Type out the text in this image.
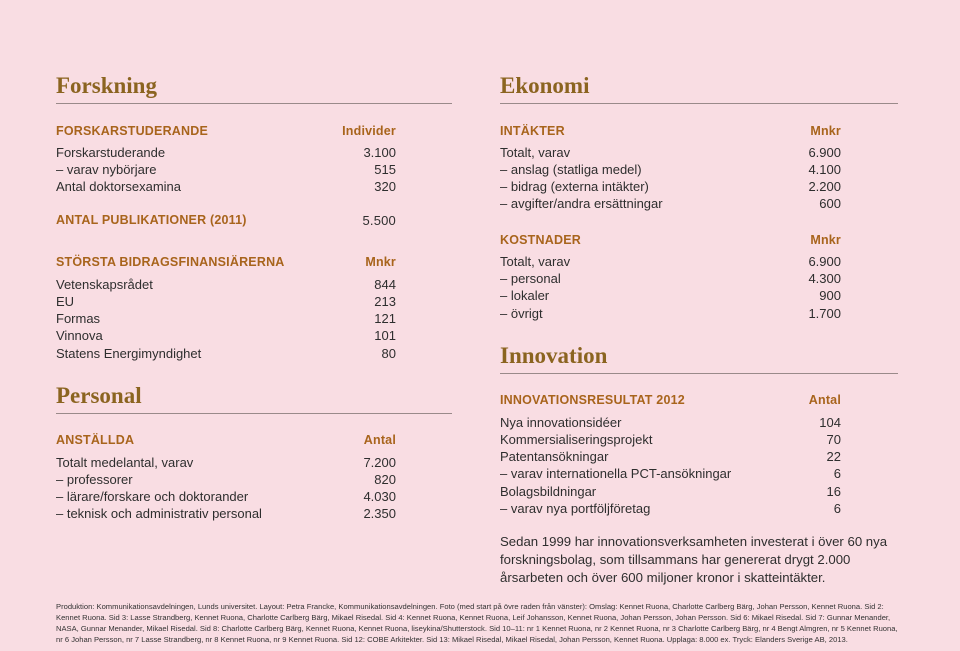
Forskning
FORSKARSTUDERANDE	Individer
Forskarstuderande	3.100
– varav nybörjare	515
Antal doktorsexamina	320
ANTAL PUBLIKATIONER (2011)	5.500
STÖRSTA BIDRAGSFINANSIÄRERNA	Mnkr
Vetenskapsrådet	844
EU	213
Formas	121
Vinnova	101
Statens Energimyndighet	80
Personal
ANSTÄLLDA	Antal
Totalt medelantal, varav	7.200
– professorer	820
– lärare/forskare och doktorander	4.030
– teknisk och administrativ personal	2.350
Ekonomi
INTÄKTER	Mnkr
Totalt, varav	6.900
– anslag (statliga medel)	4.100
– bidrag (externa intäkter)	2.200
– avgifter/andra ersättningar	600
KOSTNADER	Mnkr
Totalt, varav	6.900
– personal	4.300
– lokaler	900
– övrigt	1.700
Innovation
INNOVATIONSRESULTAT 2012	Antal
Nya innovationsidéer	104
Kommersialiseringsprojekt	70
Patentansökningar	22
– varav internationella PCT-ansökningar	6
Bolagsbildningar	16
– varav nya portföljföretag	6

Sedan 1999 har innovationsverksamheten investerat i över 60 nya forskningsbolag, som tillsammans har genererat drygt 2.000 årsarbeten och över 600 miljoner kronor i skatteintäkter.

Produktion: Kommunikationsavdelningen, Lunds universitet. Layout: Petra Francke, Kommunikationsavdelningen. Foto (med start på övre raden från vänster): Omslag: Kennet Ruona, Charlotte Carlberg Bärg, Johan Persson, Kennet Ruona. Sid 2: Kennet Ruona. Sid 3: Lasse Strandberg, Kennet Ruona, Charlotte Carlberg Bärg, Mikael Risedal. Sid 4: Kennet Ruona, Kennet Ruona, Leif Johansson, Kennet Ruona, Johan Persson, Johan Persson. Sid 6: Mikael Risedal. Sid 7: Gunnar Menander, NASA, Gunnar Menander, Mikael Risedal. Sid 8: Charlotte Carlberg Bärg, Kennet Ruona, Kennet Ruona, liseykina/Shutterstock. Sid 10–11: nr 1 Kennet Ruona, nr 2 Kennet Ruona, nr 3 Charlotte Carlberg Bärg, nr 4 Bengt Almgren, nr 5 Kennet Ruona, nr 6 Johan Persson, nr 7 Lasse Strandberg, nr 8 Kennet Ruona, nr 9 Kennet Ruona. Sid 12: COBE Arkitekter. Sid 13: Mikael Risedal, Mikael Risedal, Johan Persson, Kennet Ruona. Upplaga: 8.000 ex. Tryck: Elanders Sverige AB, 2013.
